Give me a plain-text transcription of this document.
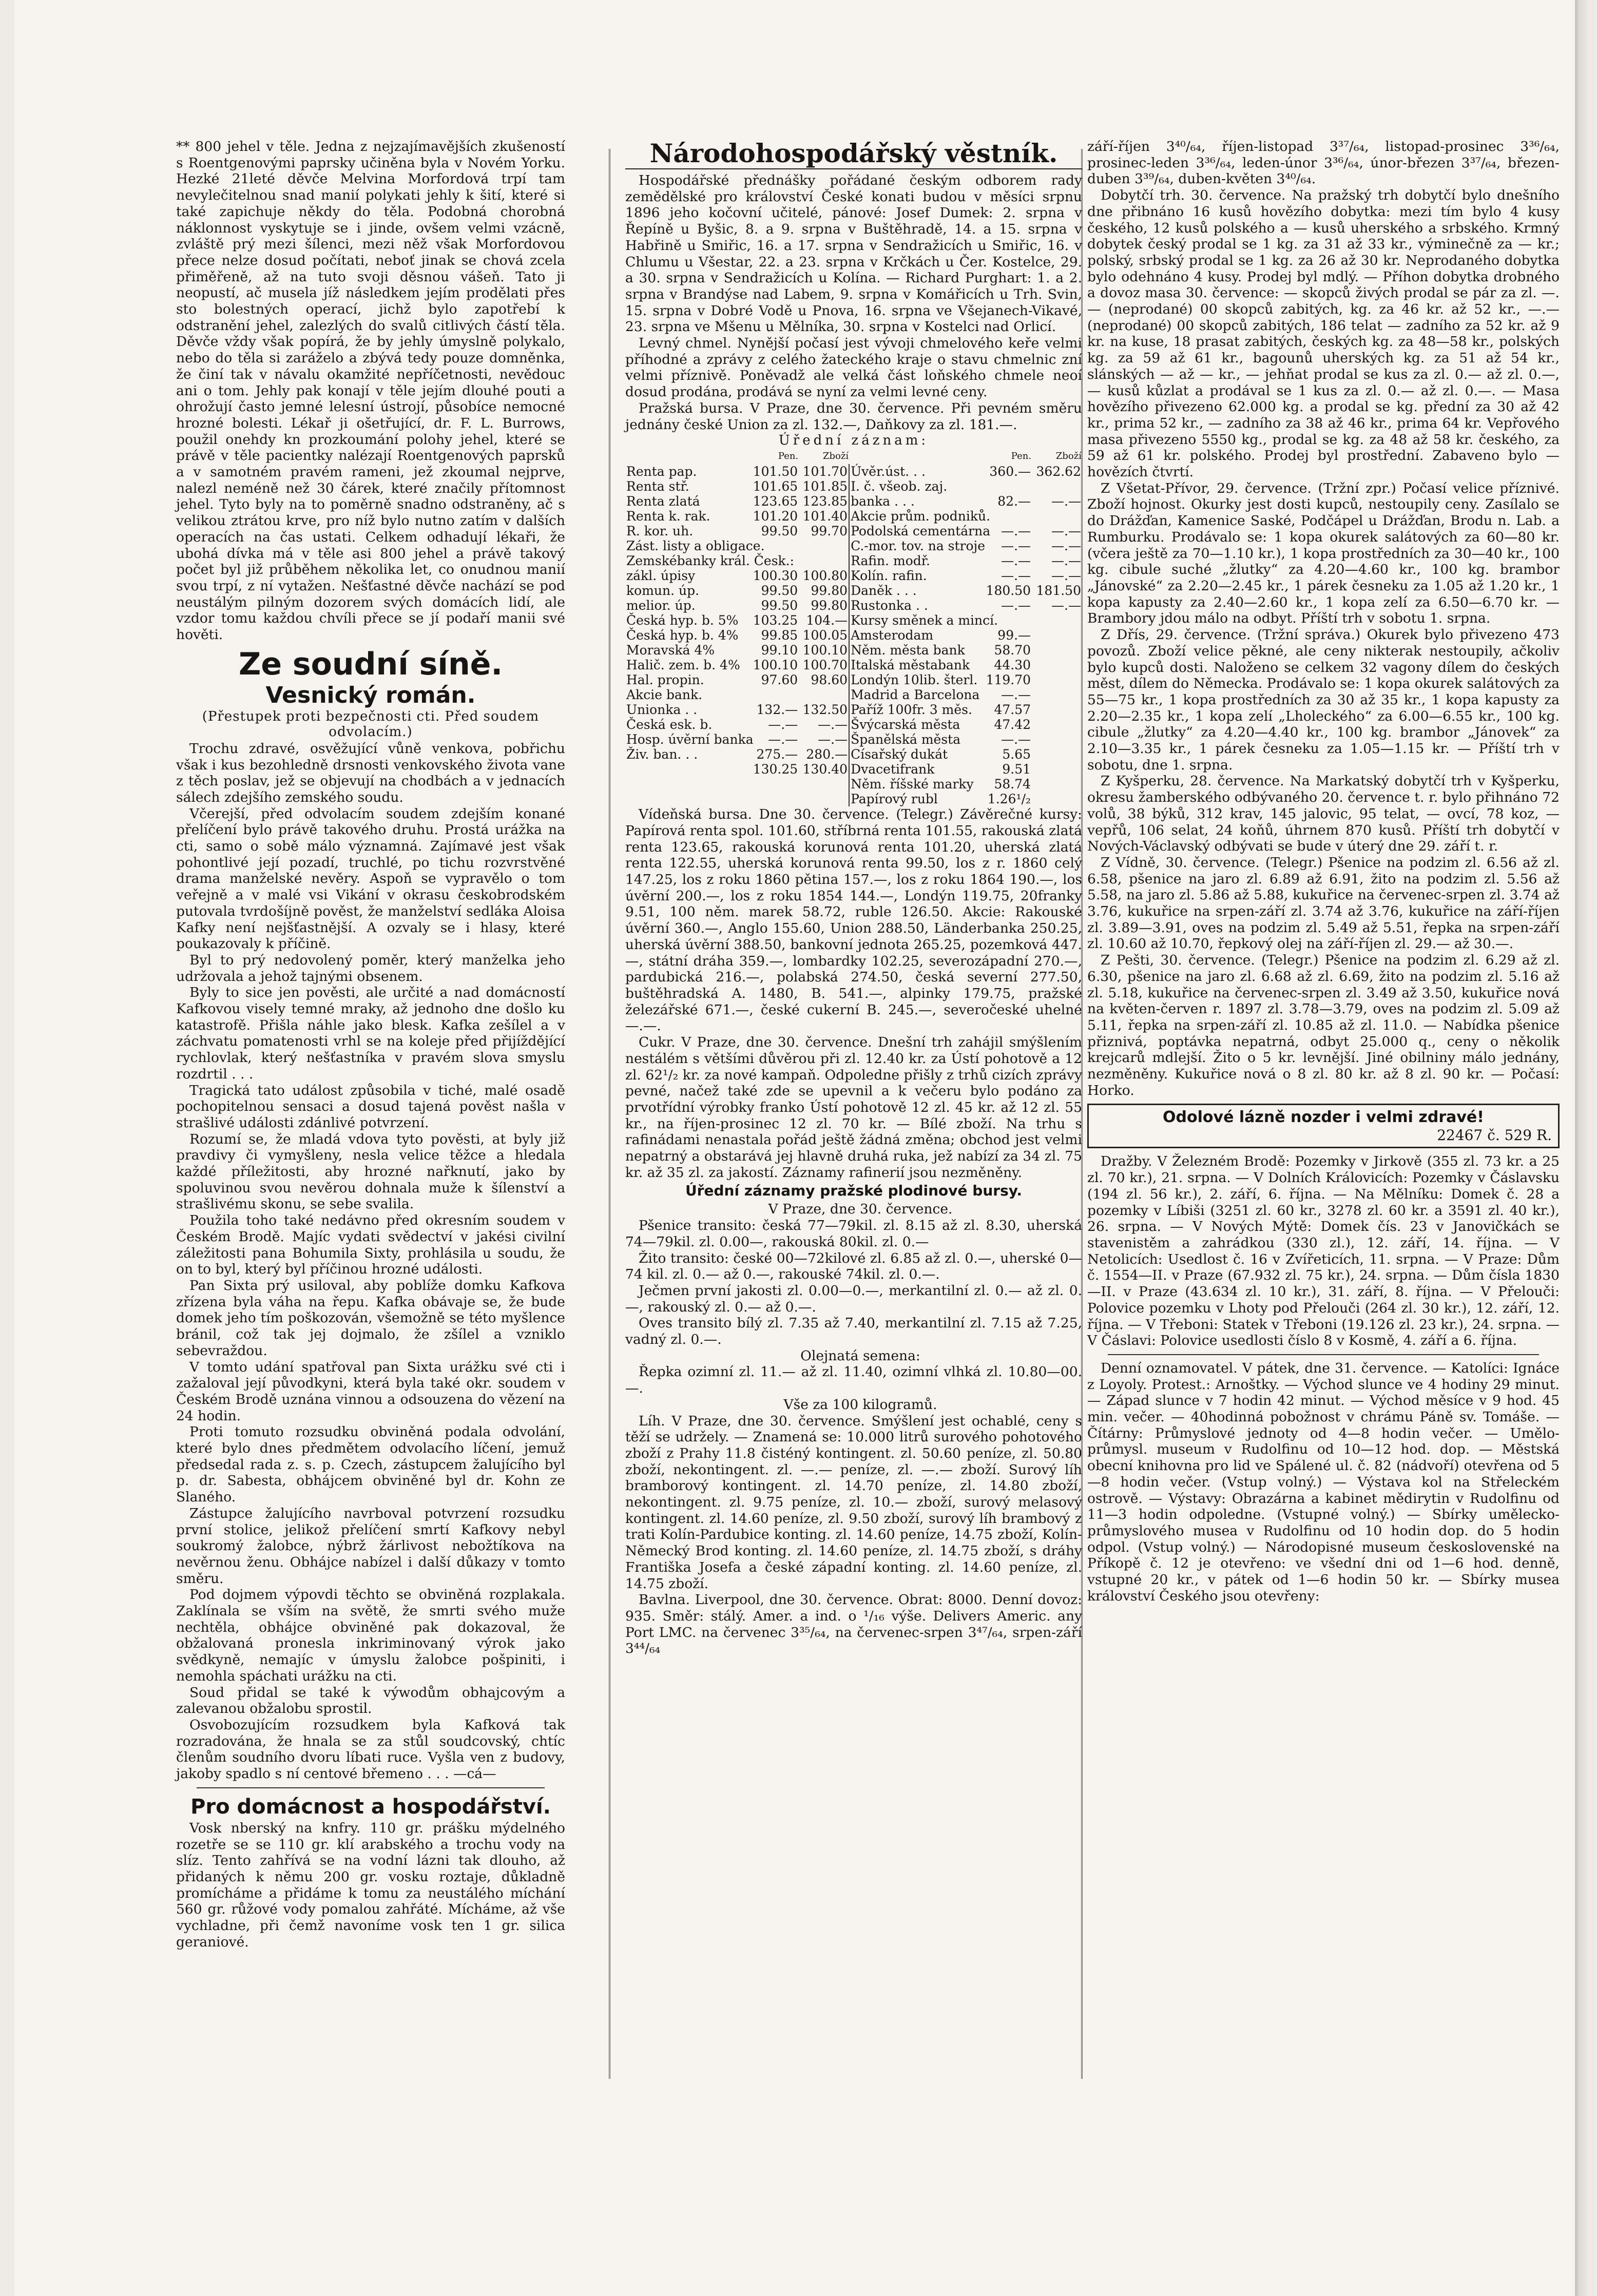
** 800 jehel v těle. Jedna z nejzajímavějších zkušeností s Roentgenovými paprsky učiněna byla v Novém Yorku. Hezké 21leté děvče Melvina Morfordová trpí tam nevylečitelnou snad manií polykati jehly k šití, které si také zapichuje někdy do těla. Podobná chorobná náklonnost vyskytuje se i jinde, ovšem velmi vzácně, zvláště prý mezi šílenci, mezi něž však Morfordovou přece nelze dosud počítati, neboť jinak se chová zcela přiměřeně, až na tuto svoji děsnou vášeň. Tato ji neopustí, ač musela jíž následkem jejím prodělati přes sto bolestných operací, jichž bylo zapotřebí k odstranění jehel, zalezlých do svalů citlivých částí těla. Děvče vždy však popírá, že by jehly úmyslně polykalo, nebo do těla si zaráželo a zbývá tedy pouze domněnka, že činí tak v návalu okamžité nepříčetnosti, nevědouc ani o tom. Jehly pak konají v těle jejím dlouhé pouti a ohrožují často jemné lelesní ústrojí, působíce nemocné hrozné bolesti. Lékař ji ošetřující, dr. F. L. Burrows, použil onehdy kn prozkoumání polohy jehel, které se právě v těle pacientky nalézají Roentgenových paprsků a v samotném pravém rameni, jež zkoumal nejprve, nalezl neméně než 30 čárek, které značily přítomnost jehel. Tyto byly na to poměrně snadno odstraněny, ač s velikou ztrátou krve, pro níž bylo nutno zatím v dalších operacích na čas ustati. Celkem odhadují lékaři, že ubohá dívka má v těle asi 800 jehel a právě takový počet byl již průběhem několika let, co onudnou manií svou trpí, z ní vytažen. Nešťastné děvče nachází se pod neustálým pilným dozorem svých domácích lidí, ale vzdor tomu každou chvíli přece se jí podaří manii své hověti.

Ze soudní síně.
Vesnický román.
(Přestupek proti bezpečnosti cti. Před soudem odvolacím.)

Trochu zdravé, osvěžující vůně venkova, pobřichu však i kus bezohledně drsnosti venkovského života vane z těch poslav, jež se objevují na chodbách a v jednacích sálech zdejšího zemského soudu.

Včerejší, před odvolacím soudem zdejším konané přelíčení bylo právě takového druhu. Prostá urážka na cti, samo o sobě málo významná. Zajímavé jest však pohontlivé její pozadí, truchlé, po tichu rozvrstvěné drama manželské nevěry. Aspoň se vypravělo o tom veřejně a v malé vsi Vikání v okrasu českobrodském putovala tvrdošíjně pověst, že manželství sedláka Aloisa Kafky není nejšťastnější. A ozvaly se i hlasy, které poukazovaly k příčině.

Byl to prý nedovolený poměr, který manželka jeho udržovala a jehož tajnými obsenem.

Byly to sice jen pověsti, ale určité a nad domácností Kafkovou visely temné mraky, až jednoho dne došlo ku katastrofě. Přišla náhle jako blesk. Kafka zešílel a v záchvatu pomatenosti vrhl se na koleje před přijíždějící rychlovlak, který nešťastníka v pravém slova smyslu rozdrtil . . .

Tragická tato událost způsobila v tiché, malé osadě pochopitelnou sensaci a dosud tajená pověst našla v strašlivé události zdánlivé potvrzení.

Rozumí se, že mladá vdova tyto pověsti, at byly již pravdivy či vymyšleny, nesla velice těžce a hledala každé příležitosti, aby hrozné nařknutí, jako by spoluvinou svou nevěrou dohnala muže k šílenství a strašlivému skonu, se sebe svalila.

Použila toho také nedávno před okresním soudem v Českém Brodě. Majíc vydati svědectví v jakési civilní záležitosti pana Bohumila Sixty, prohlásila u soudu, že on to byl, který byl příčinou hrozné události.

Pan Sixta prý usiloval, aby poblíže domku Kafkova zřízena byla váha na řepu. Kafka obávaje se, že bude domek jeho tím poškozován, všemožně se této myšlence bránil, což tak jej dojmalo, že zšílel a vzniklo sebevraždou.

V tomto udání spatřoval pan Sixta urážku své cti i zažaloval její původkyni, která byla také okr. soudem v Českém Brodě uznána vinnou a odsouzena do vězení na 24 hodin.

Proti tomuto rozsudku obviněná podala odvolání, které bylo dnes předmětem odvolacího líčení, jemuž předsedal rada z. s. p. Czech, zástupcem žalujícího byl p. dr. Sabesta, obhájcem obviněné byl dr. Kohn ze Slaného.

Zástupce žalujícího navrboval potvrzení rozsudku první stolice, jelikož přelíčení smrtí Kafkovy nebyl soukromý žalobce, nýbrž žárlivost nebožtíkova na nevěrnou ženu. Obhájce nabízel i další důkazy v tomto směru.

Pod dojmem výpovdi těchto se obviněná rozplakala. Zaklínala se vším na světě, že smrti svého muže nechtěla, obhájce obviněné pak dokazoval, že obžalovaná pronesla inkriminovaný výrok jako svědkyně, nemajíc v úmyslu žalobce pošpiniti, i nemohla spáchati urážku na cti.

Soud přidal se také k výwodům obhajcovým a zalevanou obžalobu sprostil.

Osvobozujícím rozsudkem byla Kafková tak rozradována, že hnala se za stůl soudcovský, chtíc členům soudního dvoru líbati ruce. Vyšla ven z budovy, jakoby spadlo s ní centové břemeno . . . —cá—

Pro domácnost a hospodářství.

Vosk nberský na knfry. 110 gr. prášku mýdelného rozetře se se 110 gr. klí arabského a trochu vody na slíz. Tento zahřívá se na vodní lázni tak dlouho, až přidaných k němu 200 gr. vosku roztaje, důkladně promícháme a přidáme k tomu za neustálého míchání 560 gr. růžové vody pomalou zahřáté. Mícháme, až vše vychladne, při čemž navoníme vosk ten 1 gr. silica geraniové.

Národohospodářský věstník.

Hospodářské přednášky pořádané českým odborem rady zemědělské pro království České konati budou v měsíci srpnu 1896 jeho kočovní učitelé, pánové: Josef Dumek: 2. srpna v Řepíně u Byšic, 8. a 9. srpna v Buštěhradě, 14. a 15. srpna v Habřině u Smiřic, 16. a 17. srpna v Sendražicích u Smiřic, 16. v Chlumu u Všestar, 22. a 23. srpna v Krčkách u Čer. Kostelce, 29. a 30. srpna v Sendražicích u Kolína. — Richard Purghart: 1. a 2. srpna v Brandýse nad Labem, 9. srpna v Komářicích u Trh. Svin, 15. srpna v Dobré Vodě u Pnova, 16. srpna ve Všejanech-Vikavé, 23. srpna ve Mšenu u Mělníka, 30. srpna v Kostelci nad Orlicí.

Levný chmel. Nynější počasí jest vývoji chmelového keře velmi příhodné a zprávy z celého žateckého kraje o stavu chmelnic zní velmi příznivě. Poněvadž ale velká část loňského chmele neoí dosud prodána, prodává se nyní za velmi levné ceny.

Pražská bursa. V Praze, dne 30. července. Při pevném směru jednány české Union za zl. 132.—, Daňkovy za zl. 181.—.

Úřední záznam:
	Pen.	Zboží		Pen.	Zboží
Renta pap.	101.50	101.70	Úvěr.úst. . .	360.—	362.62
Renta stř.	101.65	101.85	I. č. všeob. zaj.		
Renta zlatá	123.65	123.85	banka . . .	82.—	—.—
Renta k. rak.	101.20	101.40	Akcie prům. podniků.		
R. kor. uh.	99.50	99.70	Podolská cementárna	—.—	—.—
Zást. listy a obligace.			C.-mor. tov. na stroje	—.—	—.—
Zemskébanky král. Česk.:			Rafin. modř.	—.—	—.—
zákl. úpisy	100.30	100.80	Kolín. rafin.	—.—	—.—
komun. úp.	99.50	99.80	Daněk . . .	180.50	181.50
melior. úp.	99.50	99.80	Rustonka . .	—.—	—.—
Česká hyp. b. 5%	103.25	104.—	Kursy směnek a mincí.		
Česká hyp. b. 4%	99.85	100.05	Amsterodam	99.—	
Moravská 4%	99.10	100.10	Něm. města bank	58.70	
Halič. zem. b. 4%	100.10	100.70	Italská městabank	44.30	
Hal. propin.	97.60	98.60	Londýn 10lib. šterl.	119.70	
Akcie bank.			Madrid a Barcelona	—.—	
Unionka . .	132.—	132.50	Paříž 100fr. 3 měs.	47.57	
Česká esk. b.	—.—	—.—	Švýcarská města	47.42	
Hosp. úvěrní banka	—.—	—.—	Španělská města	—.—	
Živ. ban. . .	275.—	280.—	Císařský dukát	5.65	
	130.25	130.40	Dvacetifrank	9.51	
			Něm. říšské marky	58.74	
			Papírový rubl	1.26¹/₂	

Vídeňská bursa. Dne 30. července. (Telegr.) Závěrečné kursy: Papírová renta spol. 101.60, stříbrná renta 101.55, rakouská zlatá renta 123.65, rakouská korunová renta 101.20, uherská zlatá renta 122.55, uherská korunová renta 99.50, los z r. 1860 celý 147.25, los z roku 1860 pětina 157.—, los z roku 1864 190.—, los úvěrní 200.—, los z roku 1854 144.—, Londýn 119.75, 20franky 9.51, 100 něm. marek 58.72, ruble 126.50. Akcie: Rakouské úvěrní 360.—, Anglo 155.60, Union 288.50, Länderbanka 250.25, uherská úvěrní 388.50, bankovní jednota 265.25, pozemková 447.—, státní dráha 359.—, lombardky 102.25, severozápadní 270.—, pardubická 216.—, polabská 274.50, česká severní 277.50, buštěhradská A. 1480, B. 541.—, alpinky 179.75, pražské železářské 671.—, české cukerní B. 245.—, severočeské uhelné —.—.

Cukr. V Praze, dne 30. července. Dnešní trh zahájil smýšlením nestálém s většími důvěrou při zl. 12.40 kr. za Ústí pohotově a 12 zl. 62¹/₂ kr. za nové kampaň. Odpoledne přišly z trhů cizích zprávy pevné, načež také zde se upevnil a k večeru bylo podáno za prvotřídní výrobky franko Ústí pohotově 12 zl. 45 kr. až 12 zl. 55 kr., na říjen-prosinec 12 zl. 70 kr. — Bílé zboží. Na trhu s rafinádami nenastala pořád ještě žádná změna; obchod jest velmi nepatrný a obstarává jej hlavně druhá ruka, jež nabízí za 34 zl. 75 kr. až 35 zl. za jakostí. Záznamy rafinerií jsou nezměněny.

Úřední záznamy pražské plodinové bursy.

V Praze, dne 30. července.

Pšenice transito: česká 77—79kil. zl. 8.15 až zl. 8.30, uherská 74—79kil. zl. 0.00—, rakouská 80kil. zl. 0.—

Žito transito: české 00—72kilové zl. 6.85 až zl. 0.—, uherské 0—74 kil. zl. 0.— až 0.—, rakouské 74kil. zl. 0.—.

Ječmen první jakosti zl. 0.00—0.—, merkantilní zl. 0.— až zl. 0.—, rakouský zl. 0.— až 0.—.

Oves transito bílý zl. 7.35 až 7.40, merkantilní zl. 7.15 až 7.25, vadný zl. 0.—.

Olejnatá semena:

Řepka ozimní zl. 11.— až zl. 11.40, ozimní vlhká zl. 10.80—00.—.

Vše za 100 kilogramů.

Líh. V Praze, dne 30. července. Smýšlení jest ochablé, ceny s těží se udržely. — Znamená se: 10.000 litrů surového pohotového zboží z Prahy 11.8 čisténý kontingent. zl. 50.60 peníze, zl. 50.80 zboží, nekontingent. zl. —.— peníze, zl. —.— zboží. Surový líh bramborový kontingent. zl. 14.70 peníze, zl. 14.80 zboží, nekontingent. zl. 9.75 peníze, zl. 10.— zboží, surový melasový kontingent. zl. 14.60 peníze, zl. 9.50 zboží, surový líh brambový z trati Kolín-Pardubice konting. zl. 14.60 peníze, 14.75 zboží, Kolín-Německý Brod konting. zl. 14.60 peníze, zl. 14.75 zboží, s dráhy Františka Josefa a české západní konting. zl. 14.60 peníze, zl. 14.75 zboží.

Bavlna. Liverpool, dne 30. července. Obrat: 8000. Denní dovoz: 935. Směr: stálý. Amer. a ind. o ¹/₁₆ výše. Delivers Americ. any Port LMC. na červenec 3³⁵/₆₄, na červenec-srpen 3⁴⁷/₆₄, srpen-září 3⁴⁴/₆₄

září-říjen 3⁴⁰/₆₄, říjen-listopad 3³⁷/₆₄, listopad-prosinec 3³⁶/₆₄, prosinec-leden 3³⁶/₆₄, leden-únor 3³⁶/₆₄, únor-březen 3³⁷/₆₄, březen-duben 3³⁹/₆₄, duben-květen 3⁴⁰/₆₄.

Dobytčí trh. 30. července. Na pražský trh dobytčí bylo dnešního dne přibnáno 16 kusů hovězího dobytka: mezi tím bylo 4 kusy českého, 12 kusů polského a — kusů uherského a srbského. Krmný dobytek český prodal se 1 kg. za 31 až 33 kr., výminečně za — kr.; polský, srbský prodal se 1 kg. za 26 až 30 kr. Neprodaného dobytka bylo odehnáno 4 kusy. Prodej byl mdlý. — Příhon dobytka drobného a dovoz masa 30. července: — skopců živých prodal se pár za zl. —.— (neprodané) 00 skopců zabitých, kg. za 46 kr. až 52 kr., —.— (neprodané) 00 skopců zabitých, 186 telat — zadního za 52 kr. až 9 kr. na kuse, 18 prasat zabitých, českých kg. za 48—58 kr., polských kg. za 59 až 61 kr., bagounů uherských kg. za 51 až 54 kr., slánských — až — kr., — jehňat prodal se kus za zl. 0.— až zl. 0.—, — kusů kůzlat a prodával se 1 kus za zl. 0.— až zl. 0.—. — Masa hovězího přivezeno 62.000 kg. a prodal se kg. přední za 30 až 42 kr., prima 52 kr., — zadního za 38 až 46 kr., prima 64 kr. Vepřového masa přivezeno 5550 kg., prodal se kg. za 48 až 58 kr. českého, za 59 až 61 kr. polského. Prodej byl prostřední. Zabaveno bylo — hovězích čtvrtí.

Z Všetat-Přívor, 29. července. (Tržní zpr.) Počasí velice příznivé. Zboží hojnost. Okurky jest dosti kupců, nestoupily ceny. Zasílalo se do Drážďan, Kamenice Saské, Podčápel u Drážďan, Brodu n. Lab. a Rumburku. Prodávalo se: 1 kopa okurek salátových za 60—80 kr. (včera ještě za 70—1.10 kr.), 1 kopa prostředních za 30—40 kr., 100 kg. cibule suché „žlutky“ za 4.20—4.60 kr., 100 kg. brambor „Jánovské“ za 2.20—2.45 kr., 1 párek česneku za 1.05 až 1.20 kr., 1 kopa kapusty za 2.40—2.60 kr., 1 kopa zelí za 6.50—6.70 kr. — Brambory jdou málo na odbyt. Příští trh v sobotu 1. srpna.

Z Dřís, 29. července. (Tržní správa.) Okurek bylo přivezeno 473 povozů. Zboží velice pěkné, ale ceny nikterak nestoupily, ačkoliv bylo kupců dosti. Naloženo se celkem 32 vagony dílem do českých měst, dílem do Německa. Prodávalo se: 1 kopa okurek salátových za 55—75 kr., 1 kopa prostředních za 30 až 35 kr., 1 kopa kapusty za 2.20—2.35 kr., 1 kopa zelí „Lholeckého“ za 6.00—6.55 kr., 100 kg. cibule „žlutky“ za 4.20—4.40 kr., 100 kg. brambor „Jánovek“ za 2.10—3.35 kr., 1 párek česneku za 1.05—1.15 kr. — Příští trh v sobotu, dne 1. srpna.

Z Kyšperku, 28. července. Na Markatský dobytčí trh v Kyšperku, okresu žamberského odbývaného 20. července t. r. bylo přihnáno 72 volů, 38 býků, 312 krav, 145 jalovic, 95 telat, — ovcí, 78 koz, — vepřů, 106 selat, 24 koňů, úhrnem 870 kusů. Příští trh dobytčí v Nových-Václavský odbývati se bude v úterý dne 29. září t. r.

Z Vídně, 30. července. (Telegr.) Pšenice na podzim zl. 6.56 až zl. 6.58, pšenice na jaro zl. 6.89 až 6.91, žito na podzim zl. 5.56 až 5.58, na jaro zl. 5.86 až 5.88, kukuřice na červenec-srpen zl. 3.74 až 3.76, kukuřice na srpen-září zl. 3.74 až 3.76, kukuřice na září-říjen zl. 3.89—3.91, oves na podzim zl. 5.49 až 5.51, řepka na srpen-září zl. 10.60 až 10.70, řepkový olej na září-říjen zl. 29.— až 30.—.

Z Pešti, 30. července. (Telegr.) Pšenice na podzim zl. 6.29 až zl. 6.30, pšenice na jaro zl. 6.68 až zl. 6.69, žito na podzim zl. 5.16 až zl. 5.18, kukuřice na červenec-srpen zl. 3.49 až 3.50, kukuřice nová na květen-červen r. 1897 zl. 3.78—3.79, oves na podzim zl. 5.09 až 5.11, řepka na srpen-září zl. 10.85 až zl. 11.0. — Nabídka pšenice přiznivá, poptávka nepatrná, odbyt 25.000 q., ceny o několik krejcarů mdlejší. Žito o 5 kr. levnější. Jiné obilniny málo jednány, nezměněny. Kukuřice nová o 8 zl. 80 kr. až 8 zl. 90 kr. — Počasí: Horko.

Odolové lázně nozder i velmi zdravé!
22467 č. 529 R.

Dražby. V Železném Brodě: Pozemky v Jirkově (355 zl. 73 kr. a 25 zl. 70 kr.), 21. srpna. — V Dolních Královicích: Pozemky v Čáslavsku (194 zl. 56 kr.), 2. září, 6. října. — Na Mělníku: Domek č. 28 a pozemky v Líbiši (3251 zl. 60 kr., 3278 zl. 60 kr. a 3591 zl. 40 kr.), 26. srpna. — V Nových Mýtě: Domek čís. 23 v Janovičkách se stavenistěm a zahrádkou (330 zl.), 12. září, 14. října. — V Netolicích: Usedlost č. 16 v Zvířeticích, 11. srpna. — V Praze: Dům č. 1554—II. v Praze (67.932 zl. 75 kr.), 24. srpna. — Dům čísla 1830—II. v Praze (43.634 zl. 10 kr.), 31. září, 8. října. — V Přelouči: Polovice pozemku v Lhoty pod Přelouči (264 zl. 30 kr.), 12. září, 12. října. — V Třeboni: Statek v Třeboni (19.126 zl. 23 kr.), 24. srpna. — V Čáslavi: Polovice usedlosti číslo 8 v Kosmě, 4. září a 6. října.

Denní oznamovatel. V pátek, dne 31. července. — Katolíci: Ignáce z Loyoly. Protest.: Arnoštky. — Východ slunce ve 4 hodiny 29 minut. — Západ slunce v 7 hodin 42 minut. — Východ měsíce v 9 hod. 45 min. večer. — 40hodinná pobožnost v chrámu Páně sv. Tomáše. — Čítárny: Průmyslové jednoty od 4—8 hodin večer. — Umělo-průmysl. museum v Rudolfinu od 10—12 hod. dop. — Městská obecní knihovna pro lid ve Spálené ul. č. 82 (nádvoří) otevřena od 5—8 hodin večer. (Vstup volný.) — Výstava kol na Střeleckém ostrově. — Výstavy: Obrazárna a kabinet mědirytin v Rudolfinu od 11—3 hodin odpoledne. (Vstupné volný.) — Sbírky umělecko-průmyslového musea v Rudolfinu od 10 hodin dop. do 5 hodin odpol. (Vstup volný.) — Národopisné museum československé na Příkopě č. 12 je otevřeno: ve všední dni od 1—6 hod. denně, vstupné 20 kr., v pátek od 1—6 hodin 50 kr. — Sbírky musea království Českého jsou otevřeny:
